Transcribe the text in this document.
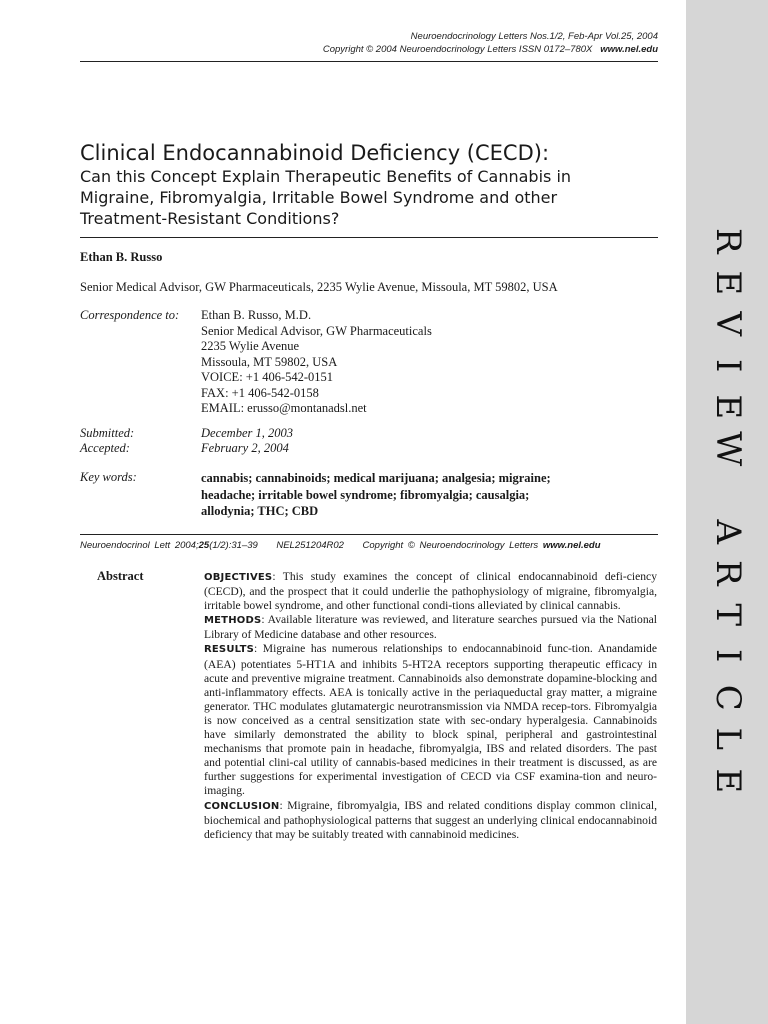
R
E
V
I
E
W

A
R
T
I
C
L
E
Neuroendocrinology Letters Nos.1/2, Feb-Apr Vol.25, 2004
Copyright © 2004 Neuroendocrinology Letters ISSN 0172–780X www.nel.edu
Clinical Endocannabinoid Deficiency (CECD):
Can this Concept Explain Therapeutic Benefits of Cannabis in
Migraine, Fibromyalgia, Irritable Bowel Syndrome and other
Treatment-Resistant Conditions?
Ethan B. Russo
Senior Medical Advisor, GW Pharmaceuticals, 2235 Wylie Avenue, Missoula, MT 59802, USA
Correspondence to: Ethan B. Russo, M.D.
Senior Medical Advisor, GW Pharmaceuticals
2235 Wylie Avenue
Missoula, MT 59802, USA
VOICE: +1 406-542-0151
FAX: +1 406-542-0158
EMAIL: erusso@montanadsl.net
Submitted:	December 1, 2003
Accepted:	February 2, 2004
Key words:	cannabis; cannabinoids; medical marijuana; analgesia; migraine;
headache; irritable bowel syndrome; fibromyalgia; causalgia;
allodynia; THC; CBD
Neuroendocrinol Lett 2004;25(1/2):31–39 NEL251204R02 Copyright © Neuroendocrinology Letters www.nel.edu
Abstract	OBJECTIVES: This study examines the concept of clinical endocannabinoid defi-ciency (CECD), and the prospect that it could underlie the pathophysiology of migraine, fibromyalgia, irritable bowel syndrome, and other functional condi-tions alleviated by clinical cannabis.

METHODS: Available literature was reviewed, and literature searches pursued via the National Library of Medicine database and other resources.

RESULTS: Migraine has numerous relationships to endocannabinoid func-tion. Anandamide (AEA) potentiates 5-HT1A and inhibits 5-HT2A receptors supporting therapeutic efficacy in acute and preventive migraine treatment. Cannabinoids also demonstrate dopamine-blocking and anti-inflammatory effects. AEA is tonically active in the periaqueductal gray matter, a migraine generator. THC modulates glutamatergic neurotransmission via NMDA recep-tors. Fibromyalgia is now conceived as a central sensitization state with sec-ondary hyperalgesia. Cannabinoids have similarly demonstrated the ability to block spinal, peripheral and gastrointestinal mechanisms that promote pain in headache, fibromyalgia, IBS and related disorders. The past and potential clini-cal utility of cannabis-based medicines in their treatment is discussed, as are further suggestions for experimental investigation of CECD via CSF examina-tion and neuro-imaging.

CONCLUSION: Migraine, fibromyalgia, IBS and related conditions display common clinical, biochemical and pathophysiological patterns that suggest an underlying clinical endocannabinoid deficiency that may be suitably treated with cannabinoid medicines.
